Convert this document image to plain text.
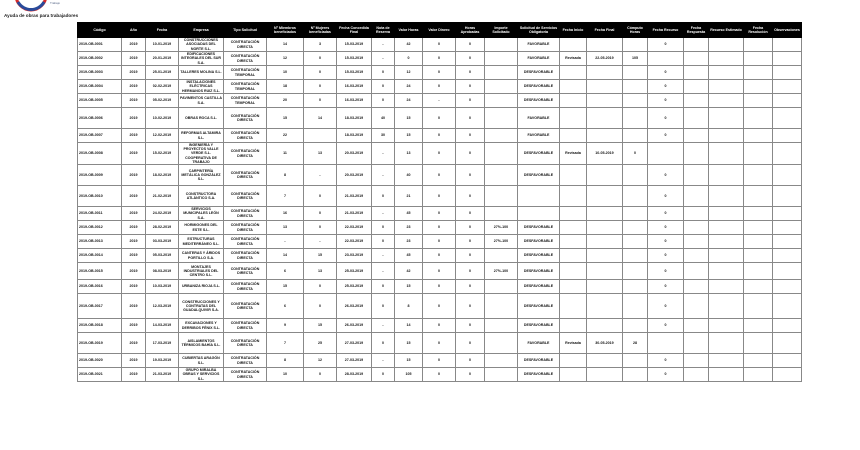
Trabajo
Ayuda de obras para trabajadores
Código	Año	Fecha	Empresa	Tipo Solicitud	Nº Miembros beneficiados	Nº Mujeres beneficiadas	Fecha Concedida Final	Nota de Reserva	Valor Horas	Valor Dinero	Horas Aprobadas	Importe Solicitado	Solicitud de Servicios Obligatoria	Fecha Inicio	Fecha Final	Cómputo Horas	Fecha Recurso	Fecha Respuesta	Recurso Estimado	Fecha Resolución	Observaciones
2019-OB-0001	2019	10-01-2019	CONSTRUCCIONES ASOCIADAS DEL NORTE S.L.	CONTRATACIÓN DIRECTA	14	3	15-03-2019	-	42	0	0		FAVORABLE				0				
2019-OB-0002	2019	20-01-2019	EDIFICACIONES INTEGRALES DEL SUR S.A.	CONTRATACIÓN DIRECTA	12	0	15-03-2019	-	0	0	0		FAVORABLE	Revisada	22-05-2019	105					
2019-OB-0003	2019	25-01-2019	TALLERES MOLINA S.L.	CONTRATACIÓN TEMPORAL	10	0	15-03-2019	0	12	0	0		DESFAVORABLE				0				
2019-OB-0004	2019	02-02-2019	INSTALACIONES ELÉCTRICAS HERMANOS RUIZ S.L.	CONTRATACIÓN TEMPORAL	18	0	16-03-2019	0	24	0	0		DESFAVORABLE				0				
2019-OB-0005	2019	05-02-2019	PAVIMENTOS CASTILLA S.A.	CONTRATACIÓN TEMPORAL	20	0	16-03-2019	0	24	-	0		DESFAVORABLE				0				
2019-OB-0006	2019	10-02-2019	OBRAS ROCA S.L.	CONTRATACIÓN DIRECTA	15	14	18-03-2019	40	15	0	0		FAVORABLE				0				
2019-OB-0007	2019	12-02-2019	REFORMAS ALTAMIRA S.L.	CONTRATACIÓN DIRECTA	22		18-03-2019	30	15	0	0		FAVORABLE				0				
2019-OB-0008	2019	15-02-2019	INGENIERÍA Y PROYECTOS VALLE VERDE S.L. COOPERATIVA DE TRABAJO	CONTRATACIÓN DIRECTA	11	13	20-03-2019	-	13	0	0		DESFAVORABLE	Revisada	10-05-2019	0					
2019-OB-0009	2019	18-02-2019	CARPINTERÍA METÁLICA GONZÁLEZ S.L.	CONTRATACIÓN DIRECTA	8	-	20-03-2019	-	40	0	0		DESFAVORABLE				0				
2019-OB-0010	2019	21-02-2019	CONSTRUCTORA ATLÁNTICO S.A.	CONTRATACIÓN DIRECTA	7	0	21-03-2019	0	21	0	0						0				
2019-OB-0011	2019	24-02-2019	SERVICIOS MUNICIPALES LEÓN S.A.	CONTRATACIÓN DIRECTA	16	0	21-03-2019	-	45	0	0						0				
2019-OB-0012	2019	28-02-2019	HORMIGONES DEL ESTE S.L.	CONTRATACIÓN DIRECTA	13	0	22-03-2019	0	23	0	0	27%-100	DESFAVORABLE				0				
2019-OB-0013	2019	03-03-2019	ESTRUCTURAS MEDITERRÁNEO S.L.	CONTRATACIÓN DIRECTA	-	-	22-03-2019	0	23	0	0	27%-100	DESFAVORABLE				0				
2019-OB-0014	2019	05-03-2019	CANTERAS Y ÁRIDOS PORTILLO S.A.	CONTRATACIÓN DIRECTA	14	15	23-03-2019	-	45	0	0		DESFAVORABLE				0				
2019-OB-0015	2019	08-03-2019	MONTAJES INDUSTRIALES DEL CENTRO S.L.	CONTRATACIÓN DIRECTA	6	13	25-03-2019	-	42	0	0	27%-100	DESFAVORABLE				0				
2019-OB-0016	2019	10-03-2019	URBANIZA RIOJA S.L.	CONTRATACIÓN DIRECTA	15	0	25-03-2019	0	15	0	0		DESFAVORABLE				0				
2019-OB-0017	2019	12-03-2019	CONSTRUCCIONES Y CONTRATAS DEL GUADALQUIVIR S.A.	CONTRATACIÓN DIRECTA	6	0	26-03-2019	0	8	0	0		DESFAVORABLE				0				
2019-OB-0018	2019	14-03-2019	EXCAVACIONES Y DERRIBOS FÉNIX S.L.	CONTRATACIÓN DIRECTA	9	15	26-03-2019	-	14	0	0		DESFAVORABLE				0				
2019-OB-0019	2019	17-03-2019	AISLAMIENTOS TÉRMICOS BAHÍA S.L.	CONTRATACIÓN DIRECTA	7	25	27-03-2019	0	15	0	0		FAVORABLE	Revisada	30-05-2019	28					
2019-OB-0020	2019	19-03-2019	CUBIERTAS ARAGÓN S.L.	CONTRATACIÓN DIRECTA	8	12	27-03-2019	-	15	0	0		DESFAVORABLE				0				
2019-OB-0021	2019	21-03-2019	GRUPO MIRALBA OBRAS Y SERVICIOS S.L.	CONTRATACIÓN DIRECTA	10	0	28-03-2019	0	105	0	0		DESFAVORABLE				0				
